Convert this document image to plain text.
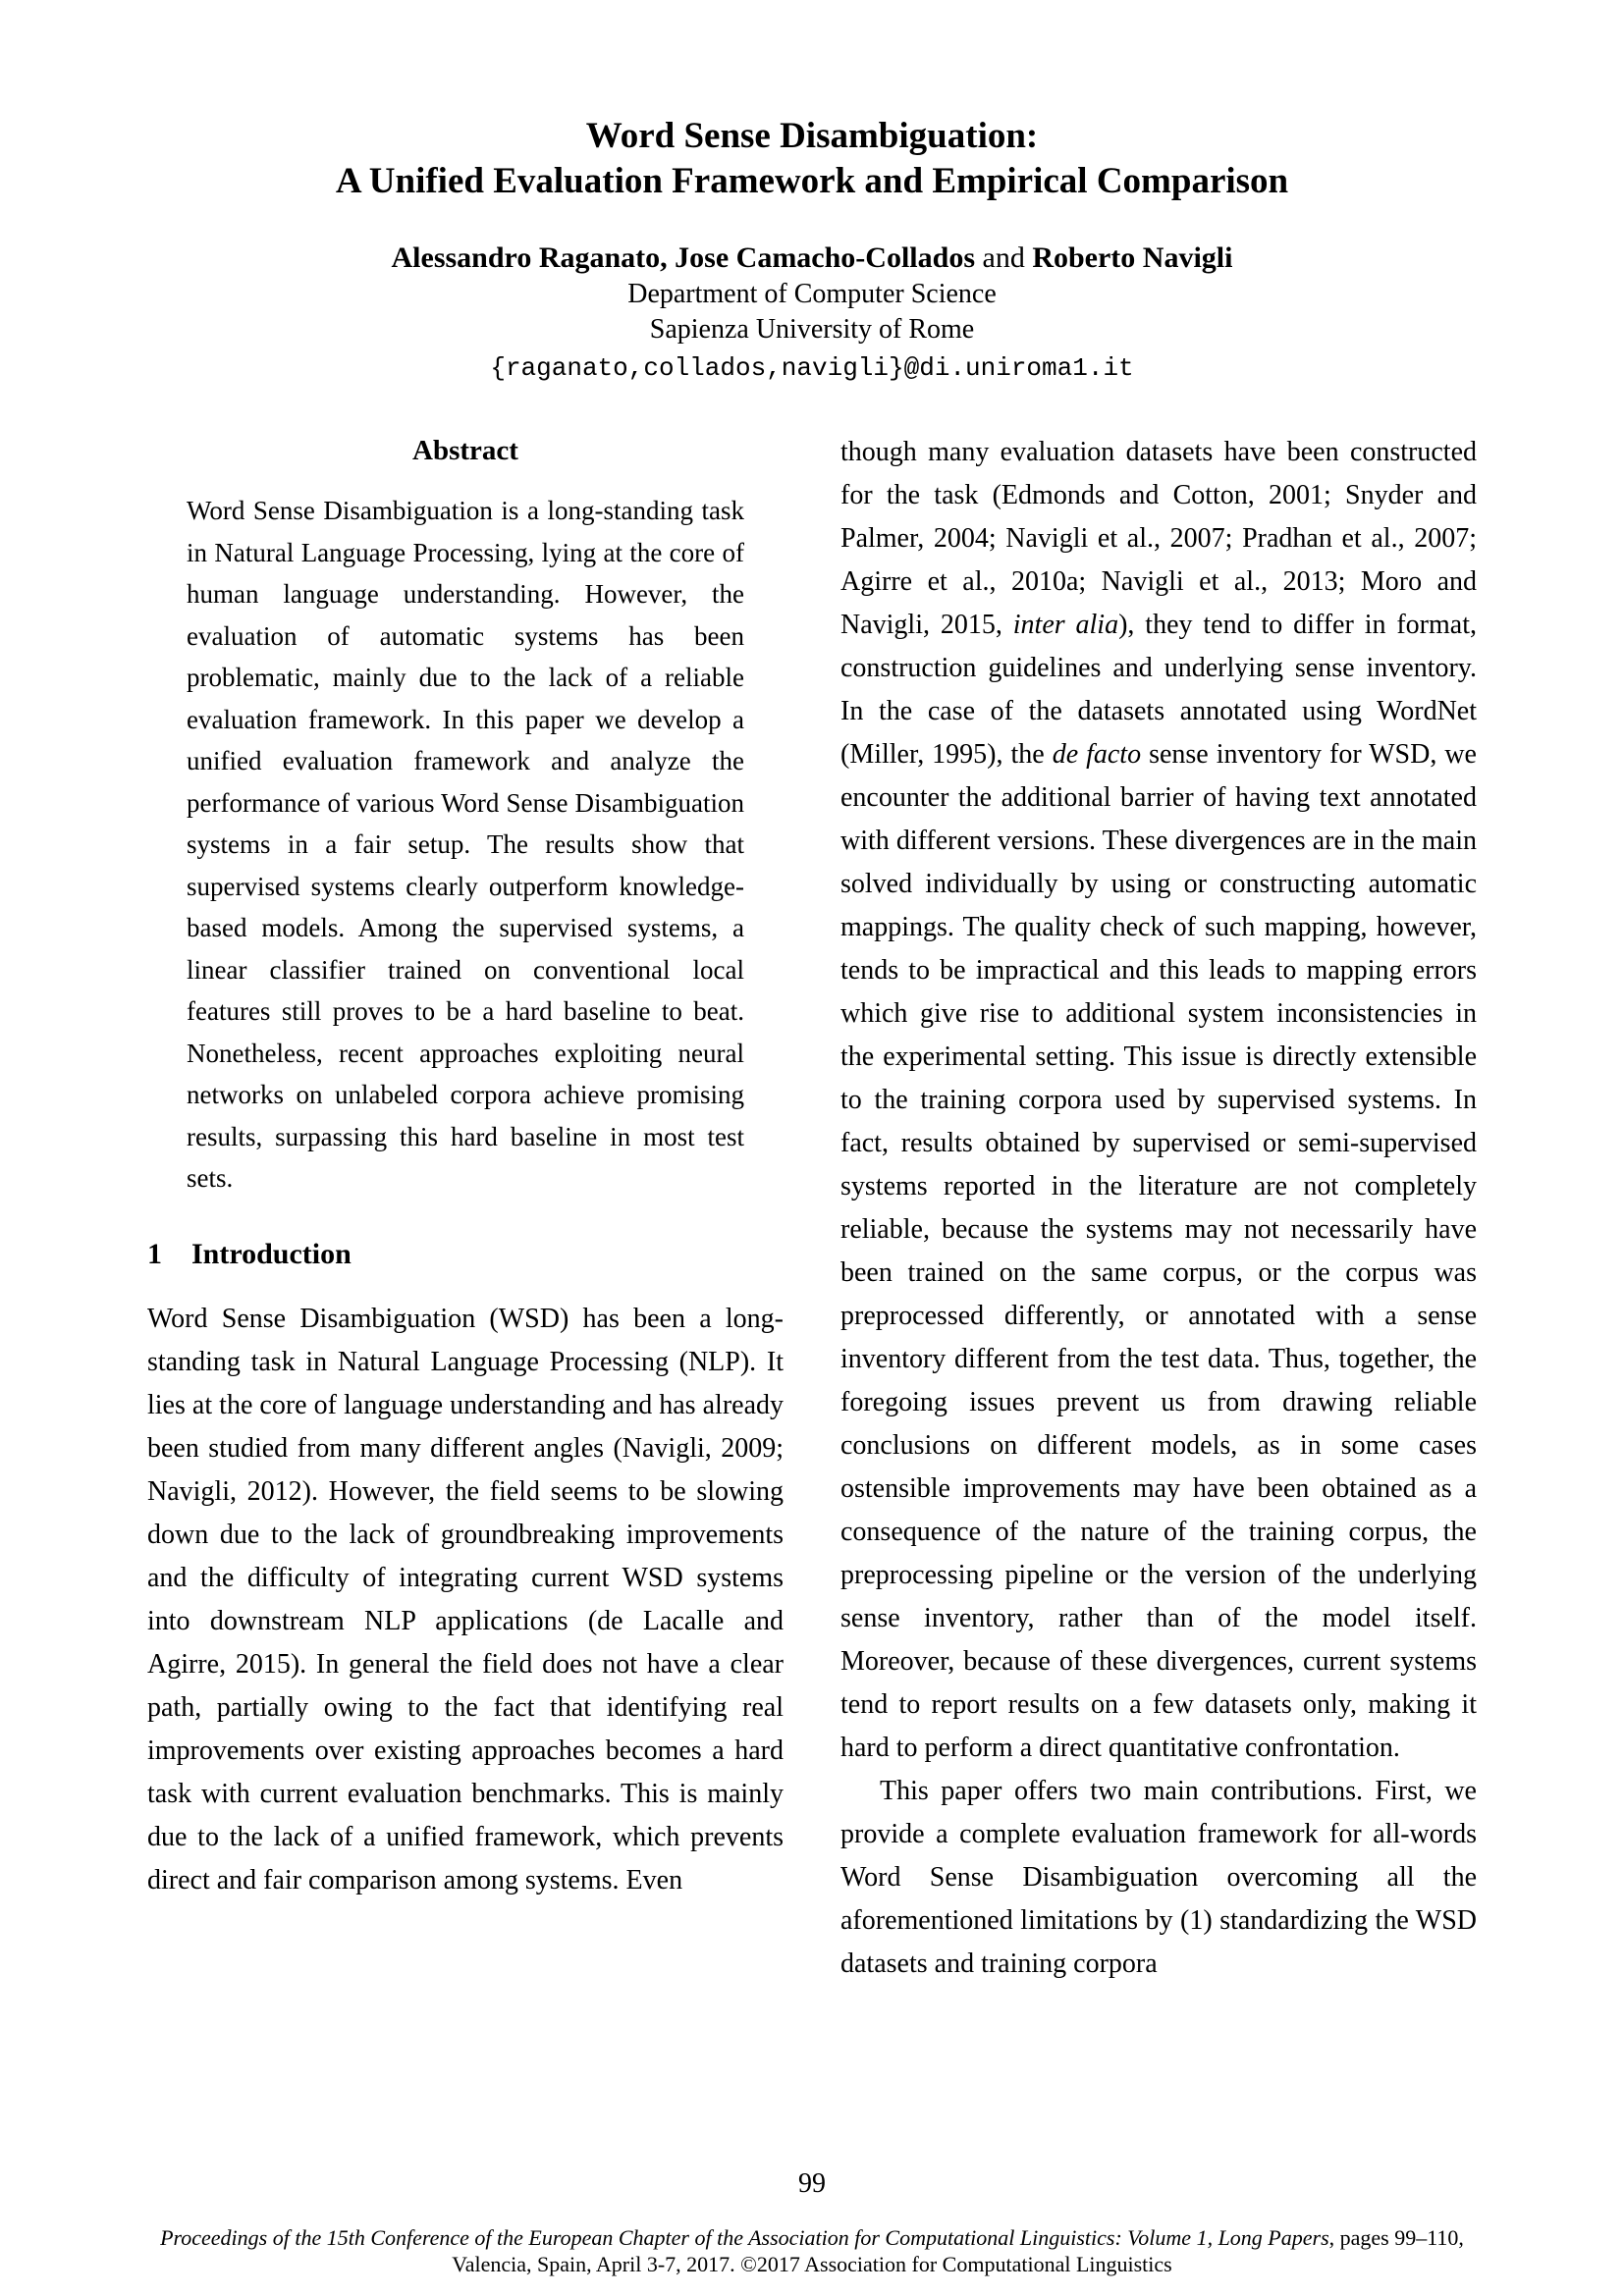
Word Sense Disambiguation:
A Unified Evaluation Framework and Empirical Comparison
Alessandro Raganato, Jose Camacho-Collados and Roberto Navigli
Department of Computer Science
Sapienza University of Rome
{raganato,collados,navigli}@di.uniroma1.it
Abstract

Word Sense Disambiguation is a long-standing task in Natural Language Processing, lying at the core of human language understanding. However, the evaluation of automatic systems has been problematic, mainly due to the lack of a reliable evaluation framework. In this paper we develop a unified evaluation framework and analyze the performance of various Word Sense Disambiguation systems in a fair setup. The results show that supervised systems clearly outperform knowledge-based models. Among the supervised systems, a linear classifier trained on conventional local features still proves to be a hard baseline to beat. Nonetheless, recent approaches exploiting neural networks on unlabeled corpora achieve promising results, surpassing this hard baseline in most test sets.

1 Introduction

Word Sense Disambiguation (WSD) has been a long-standing task in Natural Language Processing (NLP). It lies at the core of language understanding and has already been studied from many different angles (Navigli, 2009; Navigli, 2012). However, the field seems to be slowing down due to the lack of groundbreaking improvements and the difficulty of integrating current WSD systems into downstream NLP applications (de Lacalle and Agirre, 2015). In general the field does not have a clear path, partially owing to the fact that identifying real improvements over existing approaches becomes a hard task with current evaluation benchmarks. This is mainly due to the lack of a unified framework, which prevents direct and fair comparison among systems. Even

though many evaluation datasets have been constructed for the task (Edmonds and Cotton, 2001; Snyder and Palmer, 2004; Navigli et al., 2007; Pradhan et al., 2007; Agirre et al., 2010a; Navigli et al., 2013; Moro and Navigli, 2015, inter alia), they tend to differ in format, construction guidelines and underlying sense inventory. In the case of the datasets annotated using WordNet (Miller, 1995), the de facto sense inventory for WSD, we encounter the additional barrier of having text annotated with different versions. These divergences are in the main solved individually by using or constructing automatic mappings. The quality check of such mapping, however, tends to be impractical and this leads to mapping errors which give rise to additional system inconsistencies in the experimental setting. This issue is directly extensible to the training corpora used by supervised systems. In fact, results obtained by supervised or semi-supervised systems reported in the literature are not completely reliable, because the systems may not necessarily have been trained on the same corpus, or the corpus was preprocessed differently, or annotated with a sense inventory different from the test data. Thus, together, the foregoing issues prevent us from drawing reliable conclusions on different models, as in some cases ostensible improvements may have been obtained as a consequence of the nature of the training corpus, the preprocessing pipeline or the version of the underlying sense inventory, rather than of the model itself. Moreover, because of these divergences, current systems tend to report results on a few datasets only, making it hard to perform a direct quantitative confrontation.

This paper offers two main contributions. First, we provide a complete evaluation framework for all-words Word Sense Disambiguation overcoming all the aforementioned limitations by (1) standardizing the WSD datasets and training corpora

99
Proceedings of the 15th Conference of the European Chapter of the Association for Computational Linguistics: Volume 1, Long Papers, pages 99–110,
Valencia, Spain, April 3-7, 2017. ©2017 Association for Computational Linguistics
